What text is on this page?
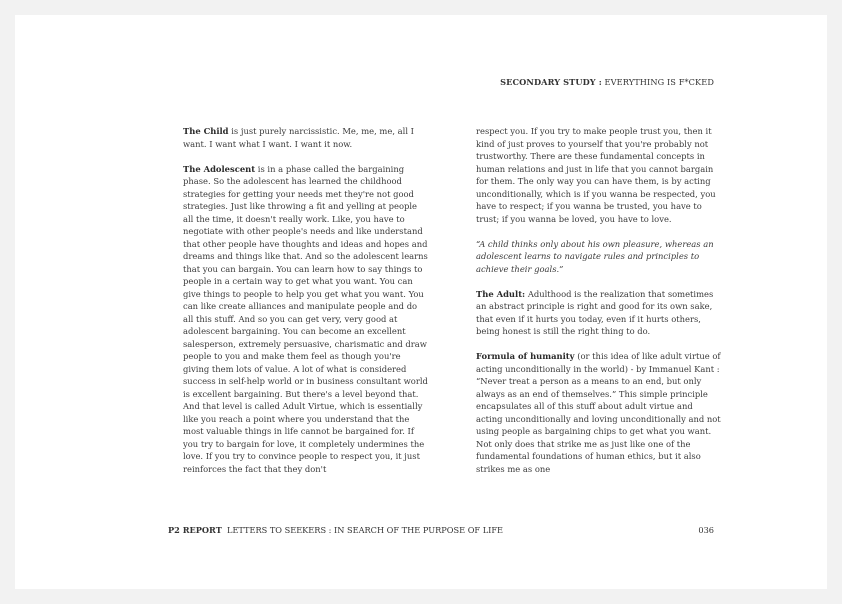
SECONDARY STUDY : EVERYTHING IS F*CKED

The Child is just purely narcissistic. Me, me, me, all I want. I want what I want. I want it now.

The Adolescent is in a phase called the bargaining phase. So the adolescent has learned the childhood strategies for getting your needs met they're not good strategies. Just like throwing a fit and yelling at people all the time, it doesn't really work. Like, you have to negotiate with other people's needs and like understand that other people have thoughts and ideas and hopes and dreams and things like that. And so the adolescent learns that you can bargain. You can learn how to say things to people in a certain way to get what you want. You can give things to people to help you get what you want. You can like create alliances and manipulate people and do all this stuff. And so you can get very, very good at adolescent bargaining. You can become an excellent salesperson, extremely persuasive, charismatic and draw people to you and make them feel as though you're giving them lots of value. A lot of what is considered success in self-help world or in business consultant world is excellent bargaining. But there's a level beyond that. And that level is called Adult Virtue, which is essentially like you reach a point where you understand that the most valuable things in life cannot be bargained for. If you try to bargain for love, it completely undermines the love. If you try to convince people to respect you, it just reinforces the fact that they don't

respect you. If you try to make people trust you, then it kind of just proves to yourself that you're probably not trustworthy. There are these fundamental concepts in human relations and just in life that you cannot bargain for them. The only way you can have them, is by acting unconditionally, which is if you wanna be respected, you have to respect; if you wanna be trusted, you have to trust; if you wanna be loved, you have to love.

“A child thinks only about his own pleasure, whereas an adolescent learns to navigate rules and principles to achieve their goals.”

The Adult: Adulthood is the realization that sometimes an abstract principle is right and good for its own sake, that even if it hurts you today, even if it hurts others, being honest is still the right thing to do.

Formula of humanity (or this idea of like adult virtue of acting unconditionally in the world) - by Immanuel Kant : “Never treat a person as a means to an end, but only always as an end of themselves.” This simple principle encapsulates all of this stuff about adult virtue and acting unconditionally and loving unconditionally and not using people as bargaining chips to get what you want. Not only does that strike me as just like one of the fundamental foundations of human ethics, but it also strikes me as one

P2 REPORT  LETTERS TO SEEKERS : IN SEARCH OF THE PURPOSE OF LIFE	036
